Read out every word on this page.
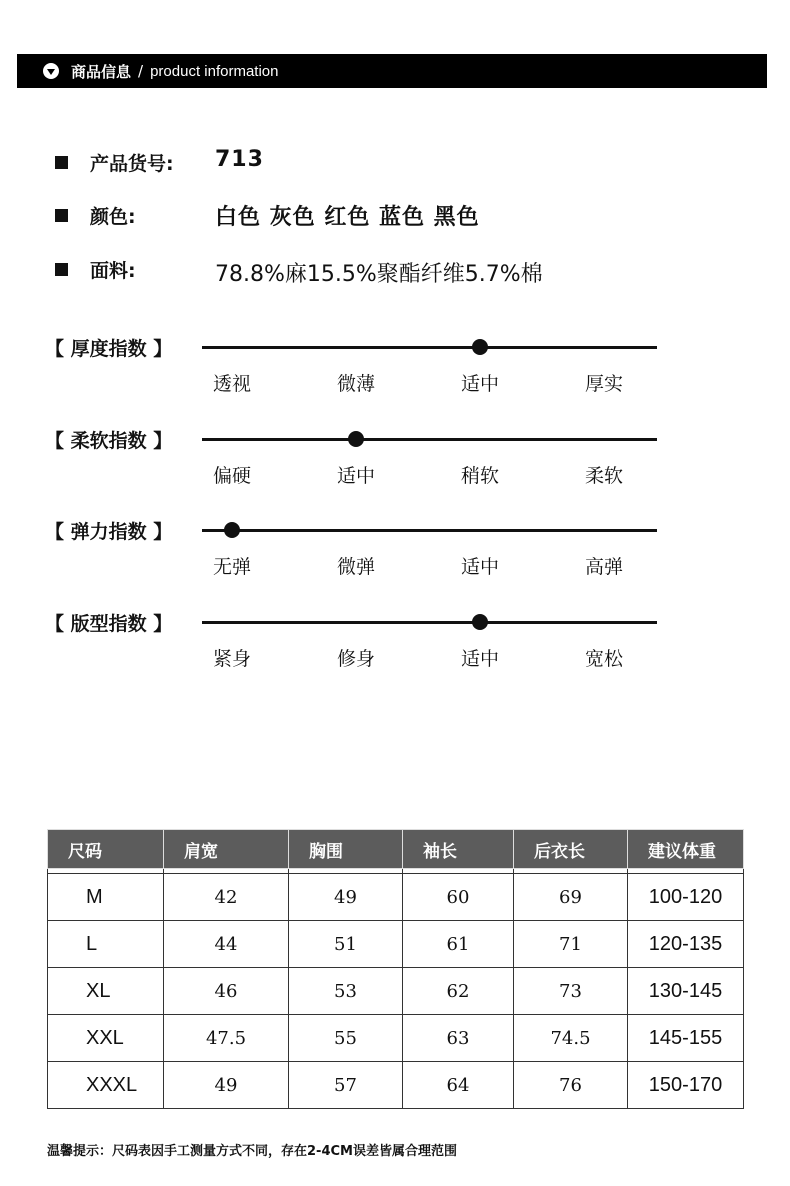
商品信息 / product information
产品货号: 713
颜色:	白色 灰色 红色 蓝色 黑色
面料:	78.8%麻15.5%聚酯纤维5.7%棉
【 厚度指数 】
透视	微薄	适中	厚实
【 柔软指数 】
偏硬	适中	稍软	柔软
【 弹力指数 】
无弹	微弹	适中	高弹
【 版型指数 】
紧身	修身	适中	宽松
尺码	肩宽	胸围	袖长	后衣长	建议体重

M	42	49	60	69	100-120
L	44	51	61	71	120-135
XL	46	53	62	73	130-145
XXL	47.5	55	63	74.5	145-155
XXXL	49	57	64	76	150-170
温馨提示：尺码表因手工测量方式不同，存在2-4CM误差皆属合理范围
